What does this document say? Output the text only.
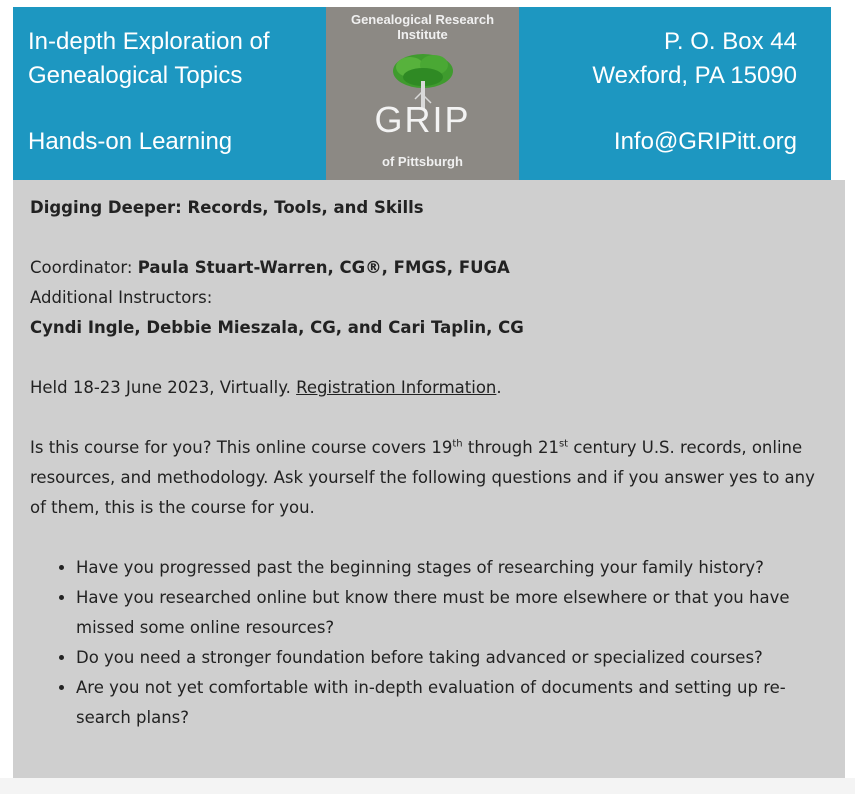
In-depth Exploration of
Genealogical Topics
Hands-on Learning
Genealogical Research Institute
GRIP
of Pittsburgh
P. O. Box 44
Wexford, PA 15090
Info@GRIPitt.org

Digging Deeper: Records, Tools, and Skills

Coordinator: Paula Stuart-Warren, CG®, FMGS, FUGA

Additional Instructors:

Cyndi Ingle, Debbie Mieszala, CG, and Cari Taplin, CG

Held 18-23 June 2023, Virtually. Registration Information.

Is this course for you? This online course covers 19th through 21st century U.S. records, online resources, and methodology. Ask yourself the following questions and if you answer yes to any of them, this is the course for you.

• Have you progressed past the beginning stages of researching your family history?
• Have you researched online but know there must be more elsewhere or that you have missed some online resources?
• Do you need a stronger foundation before taking advanced or specialized courses?
• Are you not yet comfortable with in-depth evaluation of documents and setting up re-search plans?
